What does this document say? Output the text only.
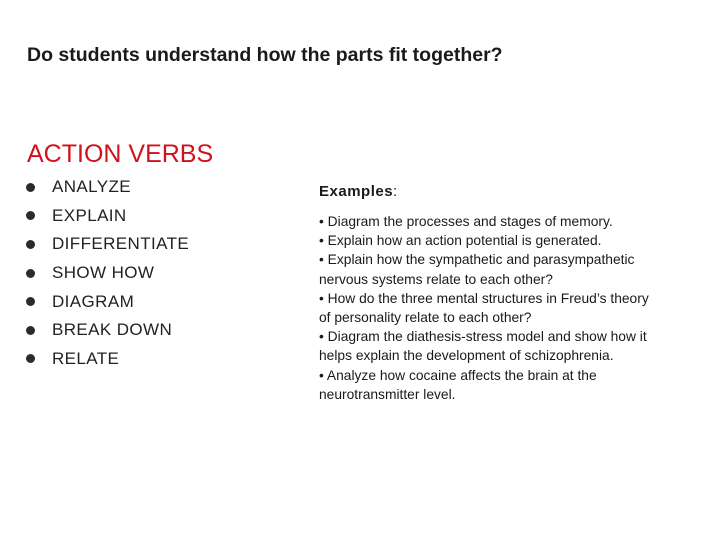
Do students understand how the parts fit together?
ACTION VERBS
ANALYZE
EXPLAIN
DIFFERENTIATE
SHOW HOW
DIAGRAM
BREAK DOWN
RELATE
Examples:
• Diagram the processes and stages of memory.
• Explain how an action potential is generated.
• Explain how the sympathetic and parasympathetic nervous systems relate to each other?
• How do the three mental structures in Freud’s theory of personality relate to each other?
• Diagram the diathesis-stress model and show how it helps explain the development of schizophrenia.
• Analyze how cocaine affects the brain at the neurotransmitter level.
